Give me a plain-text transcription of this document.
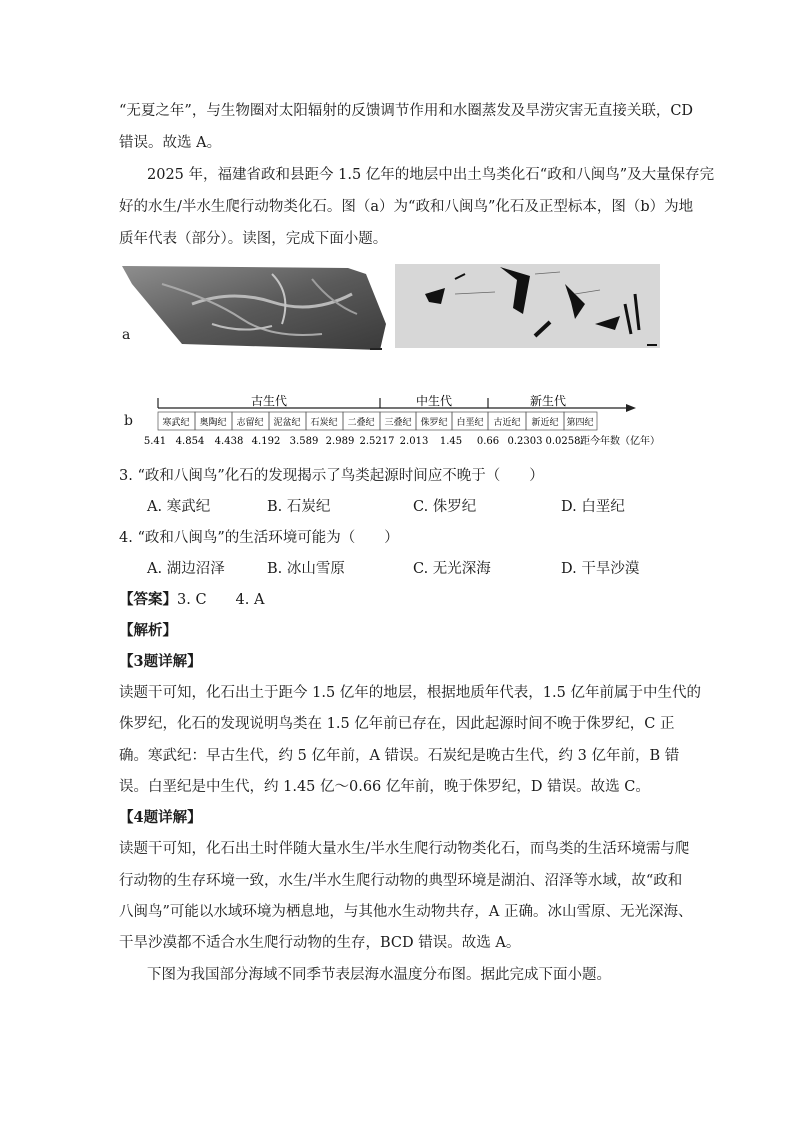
“无夏之年”，与生物圈对太阳辐射的反馈调节作用和水圈蒸发及旱涝灾害无直接关联，CD
错误。故选 A。
2025 年，福建省政和县距今 1.5 亿年的地层中出土鸟类化石“政和八闽鸟”及大量保存完
好的水生/半水生爬行动物类化石。图（a）为“政和八闽鸟”化石及正型标本，图（b）为地
质年代表（部分）。读图，完成下面小题。
a
b
古生代	中生代	新生代
寒武纪 奥陶纪 志留纪 泥盆纪 石炭纪 二叠纪 三叠纪 侏罗纪 白垩纪 古近纪 新近纪 第四纪
5.41 4.854 4.438 4.192 3.589 2.989 2.5217 2.013 1.45 0.66 0.2303 0.0258 距今年数（亿年）
3. “政和八闽鸟”化石的发现揭示了鸟类起源时间应不晚于（　　）
A. 寒武纪	B. 石炭纪	C. 侏罗纪	D. 白垩纪
4. “政和八闽鸟”的生活环境可能为（　　）
A. 湖边沼泽	B. 冰山雪原	C. 无光深海	D. 干旱沙漠
【答案】3. C　　4. A
【解析】
【3题详解】
读题干可知，化石出土于距今 1.5 亿年的地层，根据地质年代表，1.5 亿年前属于中生代的
侏罗纪，化石的发现说明鸟类在 1.5 亿年前已存在，因此起源时间不晚于侏罗纪，C 正
确。寒武纪：早古生代，约 5 亿年前，A 错误。石炭纪是晚古生代，约 3 亿年前，B 错
误。白垩纪是中生代，约 1.45 亿～0.66 亿年前，晚于侏罗纪，D 错误。故选 C。
【4题详解】
读题干可知，化石出土时伴随大量水生/半水生爬行动物类化石，而鸟类的生活环境需与爬
行动物的生存环境一致，水生/半水生爬行动物的典型环境是湖泊、沼泽等水域，故“政和
八闽鸟”可能以水域环境为栖息地，与其他水生动物共存，A 正确。冰山雪原、无光深海、
干旱沙漠都不适合水生爬行动物的生存，BCD 错误。故选 A。
下图为我国部分海域不同季节表层海水温度分布图。据此完成下面小题。
